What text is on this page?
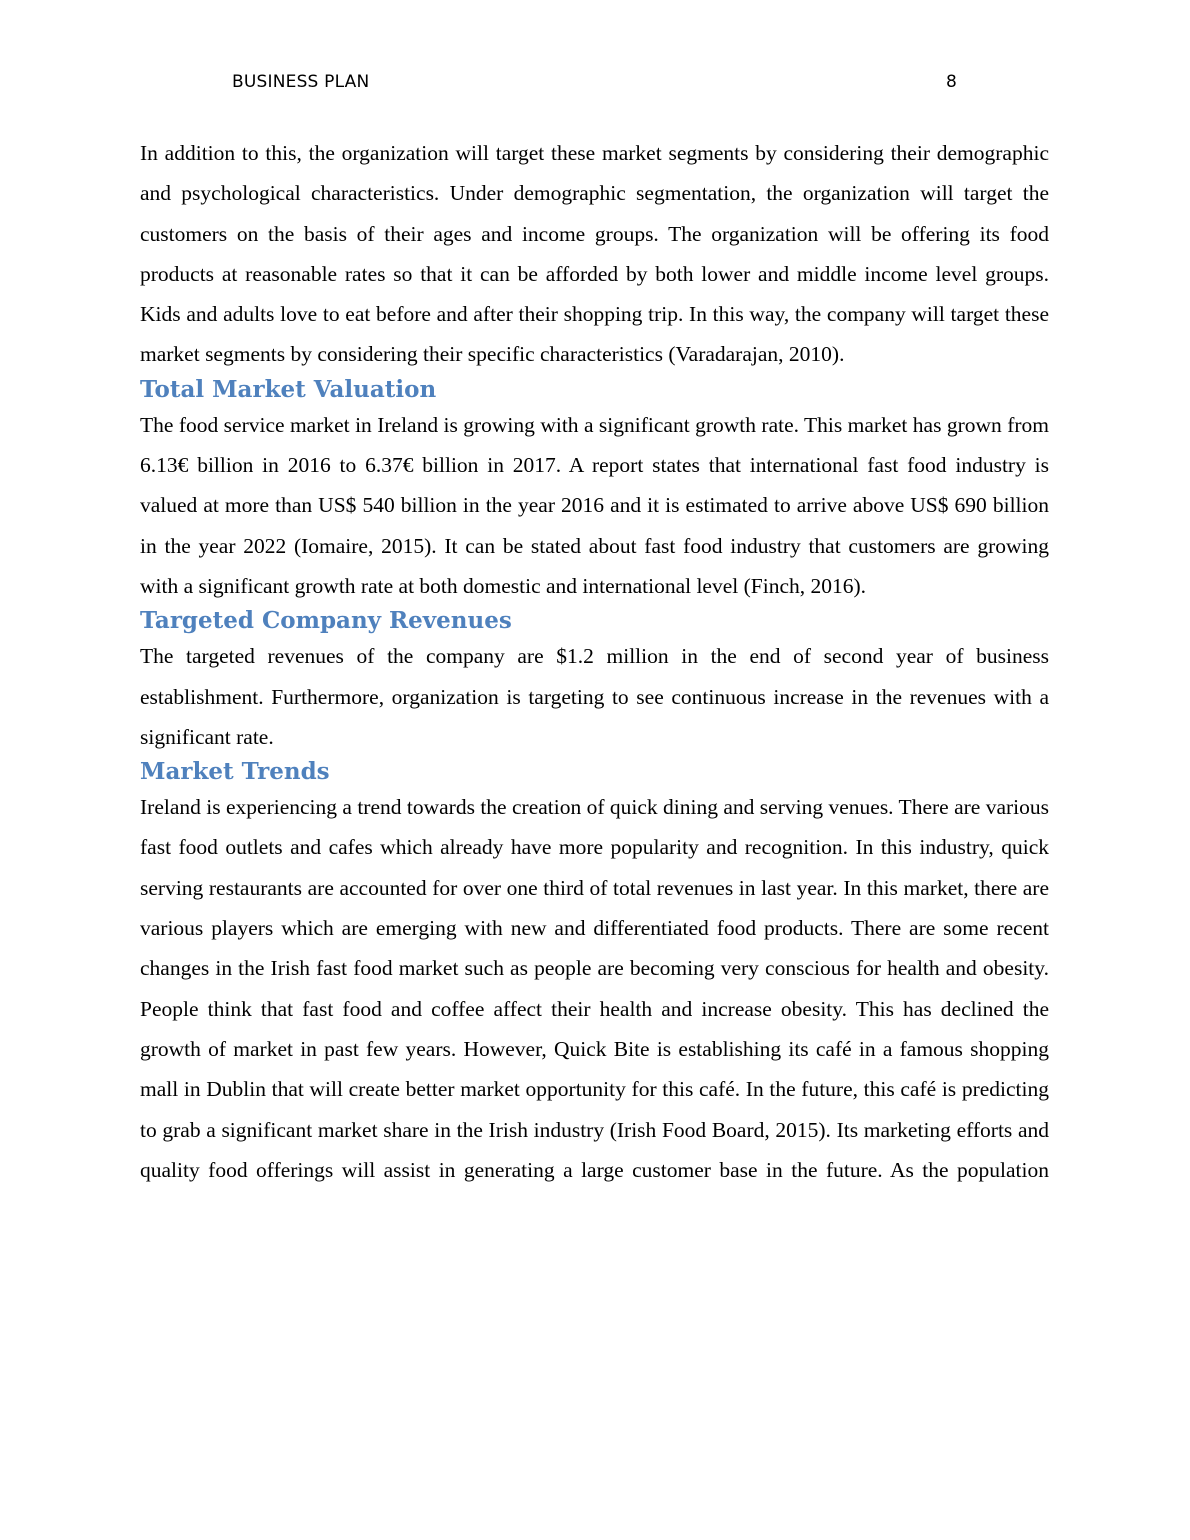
BUSINESS PLAN	8

In addition to this, the organization will target these market segments by considering their demographic and psychological characteristics. Under demographic segmentation, the organization will target the customers on the basis of their ages and income groups. The organization will be offering its food products at reasonable rates so that it can be afforded by both lower and middle income level groups. Kids and adults love to eat before and after their shopping trip. In this way, the company will target these market segments by considering their specific characteristics (Varadarajan, 2010).

Total Market Valuation

The food service market in Ireland is growing with a significant growth rate. This market has grown from 6.13€ billion in 2016 to 6.37€ billion in 2017. A report states that international fast food industry is valued at more than US$ 540 billion in the year 2016 and it is estimated to arrive above US$ 690 billion in the year 2022 (Iomaire, 2015). It can be stated about fast food industry that customers are growing with a significant growth rate at both domestic and international level (Finch, 2016).

Targeted Company Revenues

The targeted revenues of the company are $1.2 million in the end of second year of business establishment. Furthermore, organization is targeting to see continuous increase in the revenues with a significant rate.

Market Trends

Ireland is experiencing a trend towards the creation of quick dining and serving venues. There are various fast food outlets and cafes which already have more popularity and recognition. In this industry, quick serving restaurants are accounted for over one third of total revenues in last year. In this market, there are various players which are emerging with new and differentiated food products. There are some recent changes in the Irish fast food market such as people are becoming very conscious for health and obesity. People think that fast food and coffee affect their health and increase obesity. This has declined the growth of market in past few years. However, Quick Bite is establishing its café in a famous shopping mall in Dublin that will create better market opportunity for this café. In the future, this café is predicting to grab a significant market share in the Irish industry (Irish Food Board, 2015). Its marketing efforts and quality food offerings will assist in generating a large customer base in the future. As the population
